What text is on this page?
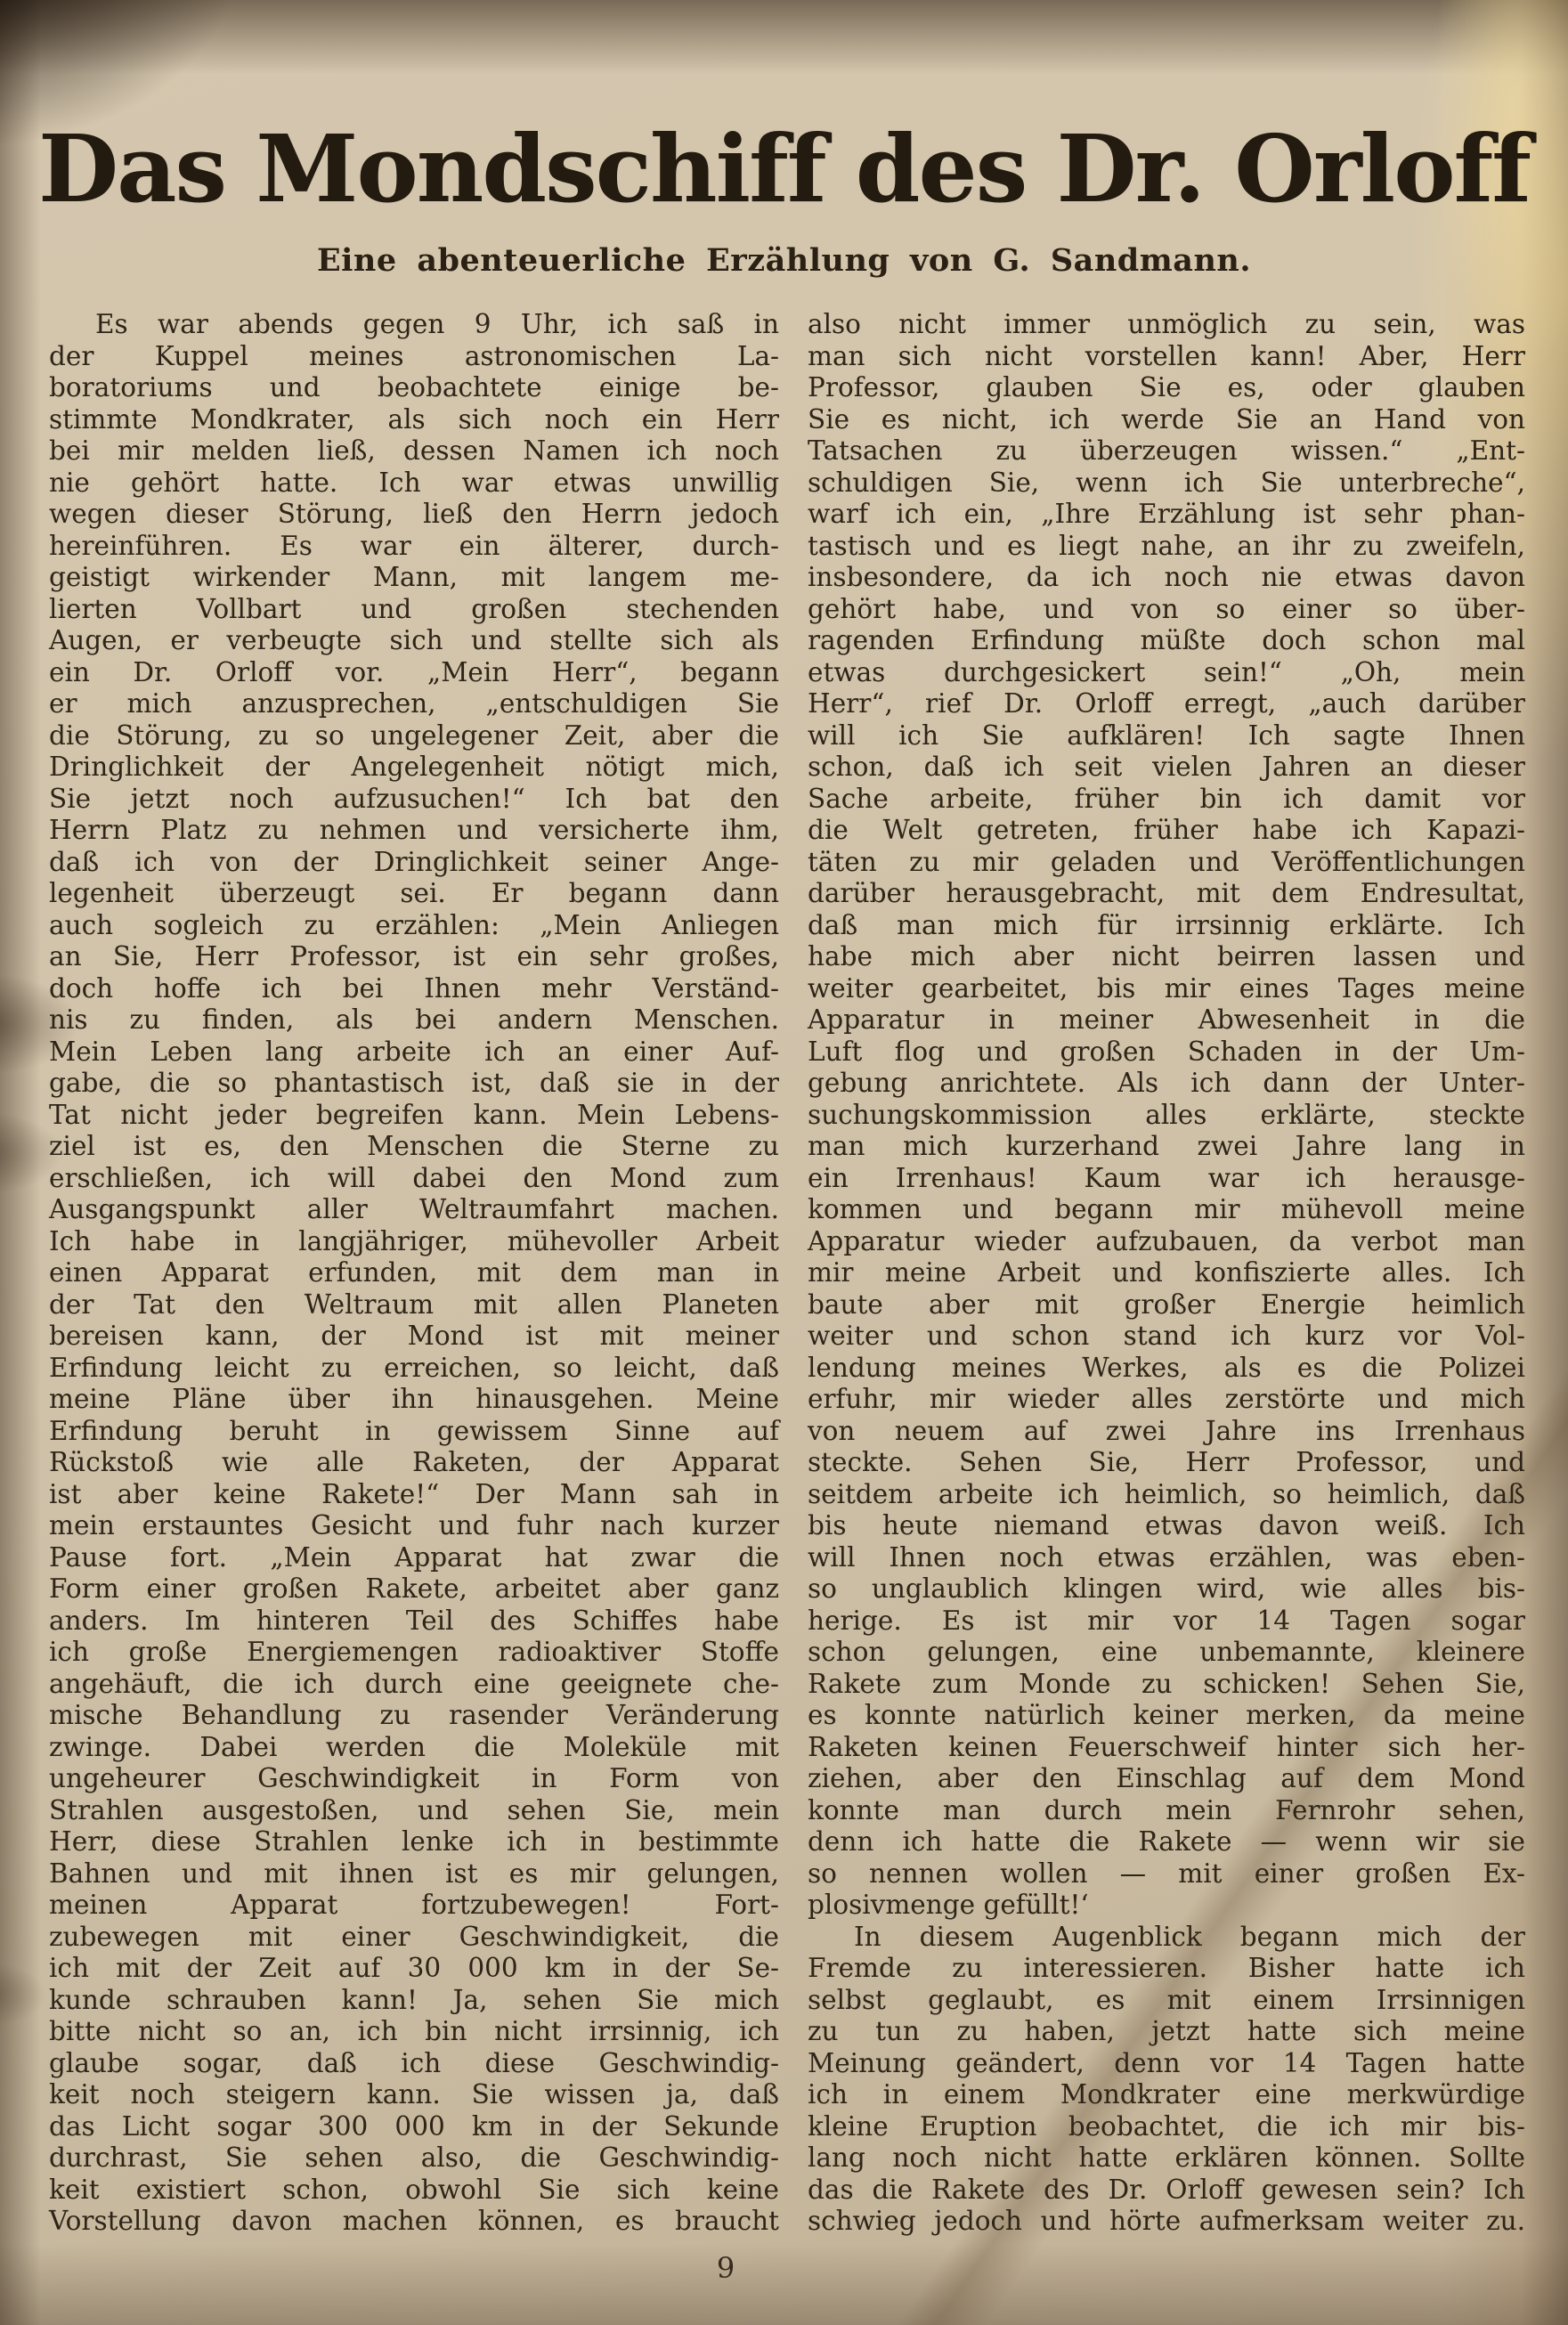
Das Mondschiff des Dr. Orloff
Eine abenteuerliche Erzählung von G. Sandmann.
Es war abends gegen 9 Uhr, ich saß in
der Kuppel meines astronomischen La-
boratoriums und beobachtete einige be-
stimmte Mondkrater, als sich noch ein Herr
bei mir melden ließ, dessen Namen ich noch
nie gehört hatte. Ich war etwas unwillig
wegen dieser Störung, ließ den Herrn jedoch
hereinführen. Es war ein älterer, durch-
geistigt wirkender Mann, mit langem me-
lierten Vollbart und großen stechenden
Augen, er verbeugte sich und stellte sich als
ein Dr. Orloff vor. „Mein Herr“, begann
er mich anzusprechen, „entschuldigen Sie
die Störung, zu so ungelegener Zeit, aber die
Dringlichkeit der Angelegenheit nötigt mich,
Sie jetzt noch aufzusuchen!“ Ich bat den
Herrn Platz zu nehmen und versicherte ihm,
daß ich von der Dringlichkeit seiner Ange-
legenheit überzeugt sei. Er begann dann
auch sogleich zu erzählen: „Mein Anliegen
an Sie, Herr Professor, ist ein sehr großes,
doch hoffe ich bei Ihnen mehr Verständ-
nis zu finden, als bei andern Menschen.
Mein Leben lang arbeite ich an einer Auf-
gabe, die so phantastisch ist, daß sie in der
Tat nicht jeder begreifen kann. Mein Lebens-
ziel ist es, den Menschen die Sterne zu
erschließen, ich will dabei den Mond zum
Ausgangspunkt aller Weltraumfahrt machen.
Ich habe in langjähriger, mühevoller Arbeit
einen Apparat erfunden, mit dem man in
der Tat den Weltraum mit allen Planeten
bereisen kann, der Mond ist mit meiner
Erfindung leicht zu erreichen, so leicht, daß
meine Pläne über ihn hinausgehen. Meine
Erfindung beruht in gewissem Sinne auf
Rückstoß wie alle Raketen, der Apparat
ist aber keine Rakete!“ Der Mann sah in
mein erstauntes Gesicht und fuhr nach kurzer
Pause fort. „Mein Apparat hat zwar die
Form einer großen Rakete, arbeitet aber ganz
anders. Im hinteren Teil des Schiffes habe
ich große Energiemengen radioaktiver Stoffe
angehäuft, die ich durch eine geeignete che-
mische Behandlung zu rasender Veränderung
zwinge. Dabei werden die Moleküle mit
ungeheurer Geschwindigkeit in Form von
Strahlen ausgestoßen, und sehen Sie, mein
Herr, diese Strahlen lenke ich in bestimmte
Bahnen und mit ihnen ist es mir gelungen,
meinen Apparat fortzubewegen! Fort-
zubewegen mit einer Geschwindigkeit, die
ich mit der Zeit auf 30 000 km in der Se-
kunde schrauben kann! Ja, sehen Sie mich
bitte nicht so an, ich bin nicht irrsinnig, ich
glaube sogar, daß ich diese Geschwindig-
keit noch steigern kann. Sie wissen ja, daß
das Licht sogar 300 000 km in der Sekunde
durchrast, Sie sehen also, die Geschwindig-
keit existiert schon, obwohl Sie sich keine
Vorstellung davon machen können, es braucht
also nicht immer unmöglich zu sein, was
man sich nicht vorstellen kann! Aber, Herr
Professor, glauben Sie es, oder glauben
Sie es nicht, ich werde Sie an Hand von
Tatsachen zu überzeugen wissen.“ „Ent-
schuldigen Sie, wenn ich Sie unterbreche“,
warf ich ein, „Ihre Erzählung ist sehr phan-
tastisch und es liegt nahe, an ihr zu zweifeln,
insbesondere, da ich noch nie etwas davon
gehört habe, und von so einer so über-
ragenden Erfindung müßte doch schon mal
etwas durchgesickert sein!“ „Oh, mein
Herr“, rief Dr. Orloff erregt, „auch darüber
will ich Sie aufklären! Ich sagte Ihnen
schon, daß ich seit vielen Jahren an dieser
Sache arbeite, früher bin ich damit vor
die Welt getreten, früher habe ich Kapazi-
täten zu mir geladen und Veröffentlichungen
darüber herausgebracht, mit dem Endresultat,
daß man mich für irrsinnig erklärte. Ich
habe mich aber nicht beirren lassen und
weiter gearbeitet, bis mir eines Tages meine
Apparatur in meiner Abwesenheit in die
Luft flog und großen Schaden in der Um-
gebung anrichtete. Als ich dann der Unter-
suchungskommission alles erklärte, steckte
man mich kurzerhand zwei Jahre lang in
ein Irrenhaus! Kaum war ich herausge-
kommen und begann mir mühevoll meine
Apparatur wieder aufzubauen, da verbot man
mir meine Arbeit und konfiszierte alles. Ich
baute aber mit großer Energie heimlich
weiter und schon stand ich kurz vor Vol-
lendung meines Werkes, als es die Polizei
erfuhr, mir wieder alles zerstörte und mich
von neuem auf zwei Jahre ins Irrenhaus
steckte. Sehen Sie, Herr Professor, und
seitdem arbeite ich heimlich, so heimlich, daß
bis heute niemand etwas davon weiß. Ich
will Ihnen noch etwas erzählen, was eben-
so unglaublich klingen wird, wie alles bis-
herige. Es ist mir vor 14 Tagen sogar
schon gelungen, eine unbemannte, kleinere
Rakete zum Monde zu schicken! Sehen Sie,
es konnte natürlich keiner merken, da meine
Raketen keinen Feuerschweif hinter sich her-
ziehen, aber den Einschlag auf dem Mond
konnte man durch mein Fernrohr sehen,
denn ich hatte die Rakete — wenn wir sie
so nennen wollen — mit einer großen Ex-
plosivmenge gefüllt!‘
In diesem Augenblick begann mich der
Fremde zu interessieren. Bisher hatte ich
selbst geglaubt, es mit einem Irrsinnigen
zu tun zu haben, jetzt hatte sich meine
Meinung geändert, denn vor 14 Tagen hatte
ich in einem Mondkrater eine merkwürdige
kleine Eruption beobachtet, die ich mir bis-
lang noch nicht hatte erklären können. Sollte
das die Rakete des Dr. Orloff gewesen sein? Ich
schwieg jedoch und hörte aufmerksam weiter zu.
9
